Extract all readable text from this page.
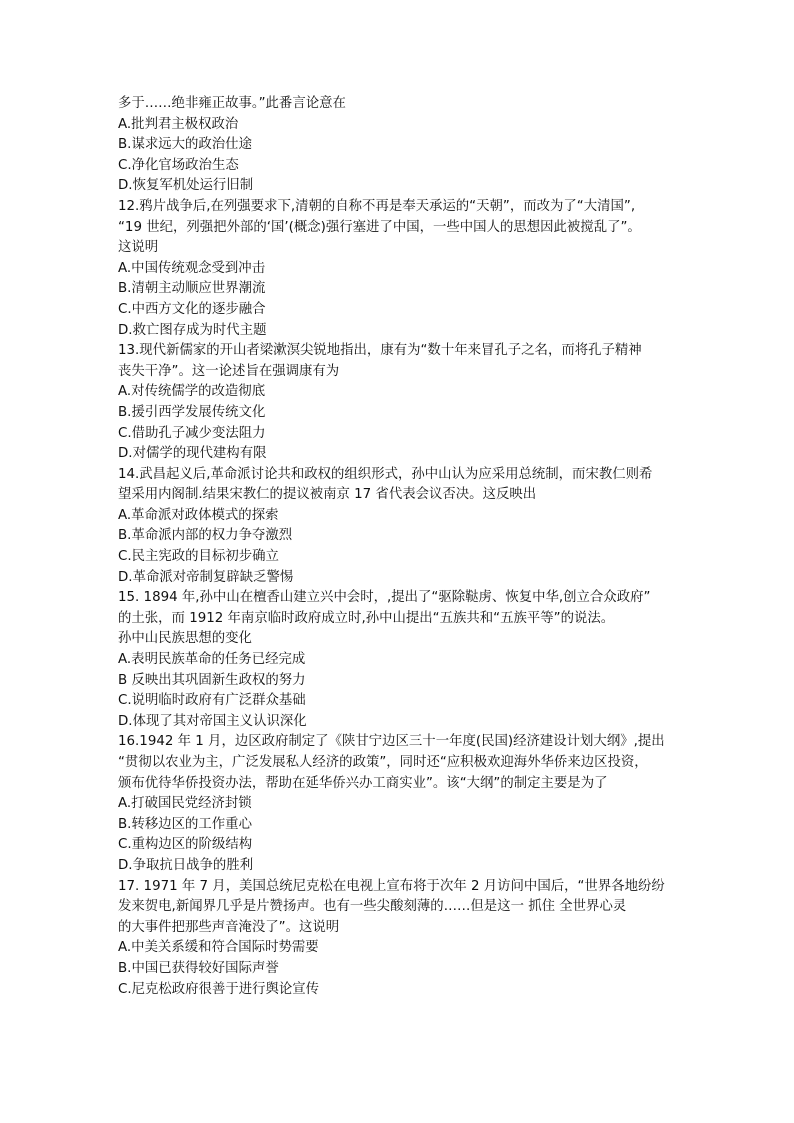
多于……绝非雍正故事。”此番言论意在
A.批判君主极权政治
B.谋求远大的政治仕途
C.净化官场政治生态
D.恢复军机处运行旧制
12.鸦片战争后,在列强要求下,清朝的自称不再是奉天承运的“天朝”，而改为了“大清国”,
“19 世纪，列强把外部的‘国’(概念)强行塞进了中国，一些中国人的思想因此被搅乱了”。
这说明
A.中国传统观念受到冲击
B.清朝主动顺应世界潮流
C.中西方文化的逐步融合
D.救亡图存成为时代主题
13.现代新儒家的开山者梁漱溟尖锐地指出，康有为“数十年来冒孔子之名，而将孔子精神
丧失干净”。这一论述旨在强调康有为
A.对传统儒学的改造彻底
B.援引西学发展传统文化
C.借助孔子减少变法阻力
D.对儒学的现代建构有限
14.武昌起义后,革命派讨论共和政权的组织形式，孙中山认为应采用总统制，而宋教仁则希
望采用内阁制.结果宋教仁的提议被南京 17 省代表会议否决。这反映出
A.革命派对政体模式的探索
B.革命派内部的权力争夺激烈
C.民主宪政的目标初步确立
D.革命派对帝制复辟缺乏警惕
15. 1894 年,孙中山在檀香山建立兴中会时，,提出了“驱除鞑虏、恢复中华,创立合众政府”
的土张，而 1912 年南京临时政府成立时,孙中山提出“五族共和“五族平等”的说法。
孙中山民族思想的变化
A.表明民族革命的任务已经完成
B 反映出其巩固新生政权的努力
C.说明临时政府有广泛群众基础
D.体现了其对帝国主义认识深化
16.1942 年 1 月，边区政府制定了《陕甘宁边区三十一年度(民国)经济建设计划大纲》,提出
“贯彻以农业为主，广泛发展私人经济的政策”，同时还“应积极欢迎海外华侨来边区投资，
颁布优待华侨投资办法，帮助在延华侨兴办工商实业”。该“大纲”的制定主要是为了
A.打破国民党经济封锁
B.转移边区的工作重心
C.重构边区的阶级结构
D.争取抗日战争的胜利
17. 1971 年 7 月，美国总统尼克松在电视上宣布将于次年 2 月访问中国后，“世界各地纷纷
发来贺电,新闻界几乎是片赞扬声。也有一些尖酸刻薄的……但是这一 抓住 全世界心灵
的大事件把那些声音淹没了”。这说明
A.中美关系缓和符合国际时势需要
B.中国已获得较好国际声誉
C.尼克松政府很善于进行舆论宣传
